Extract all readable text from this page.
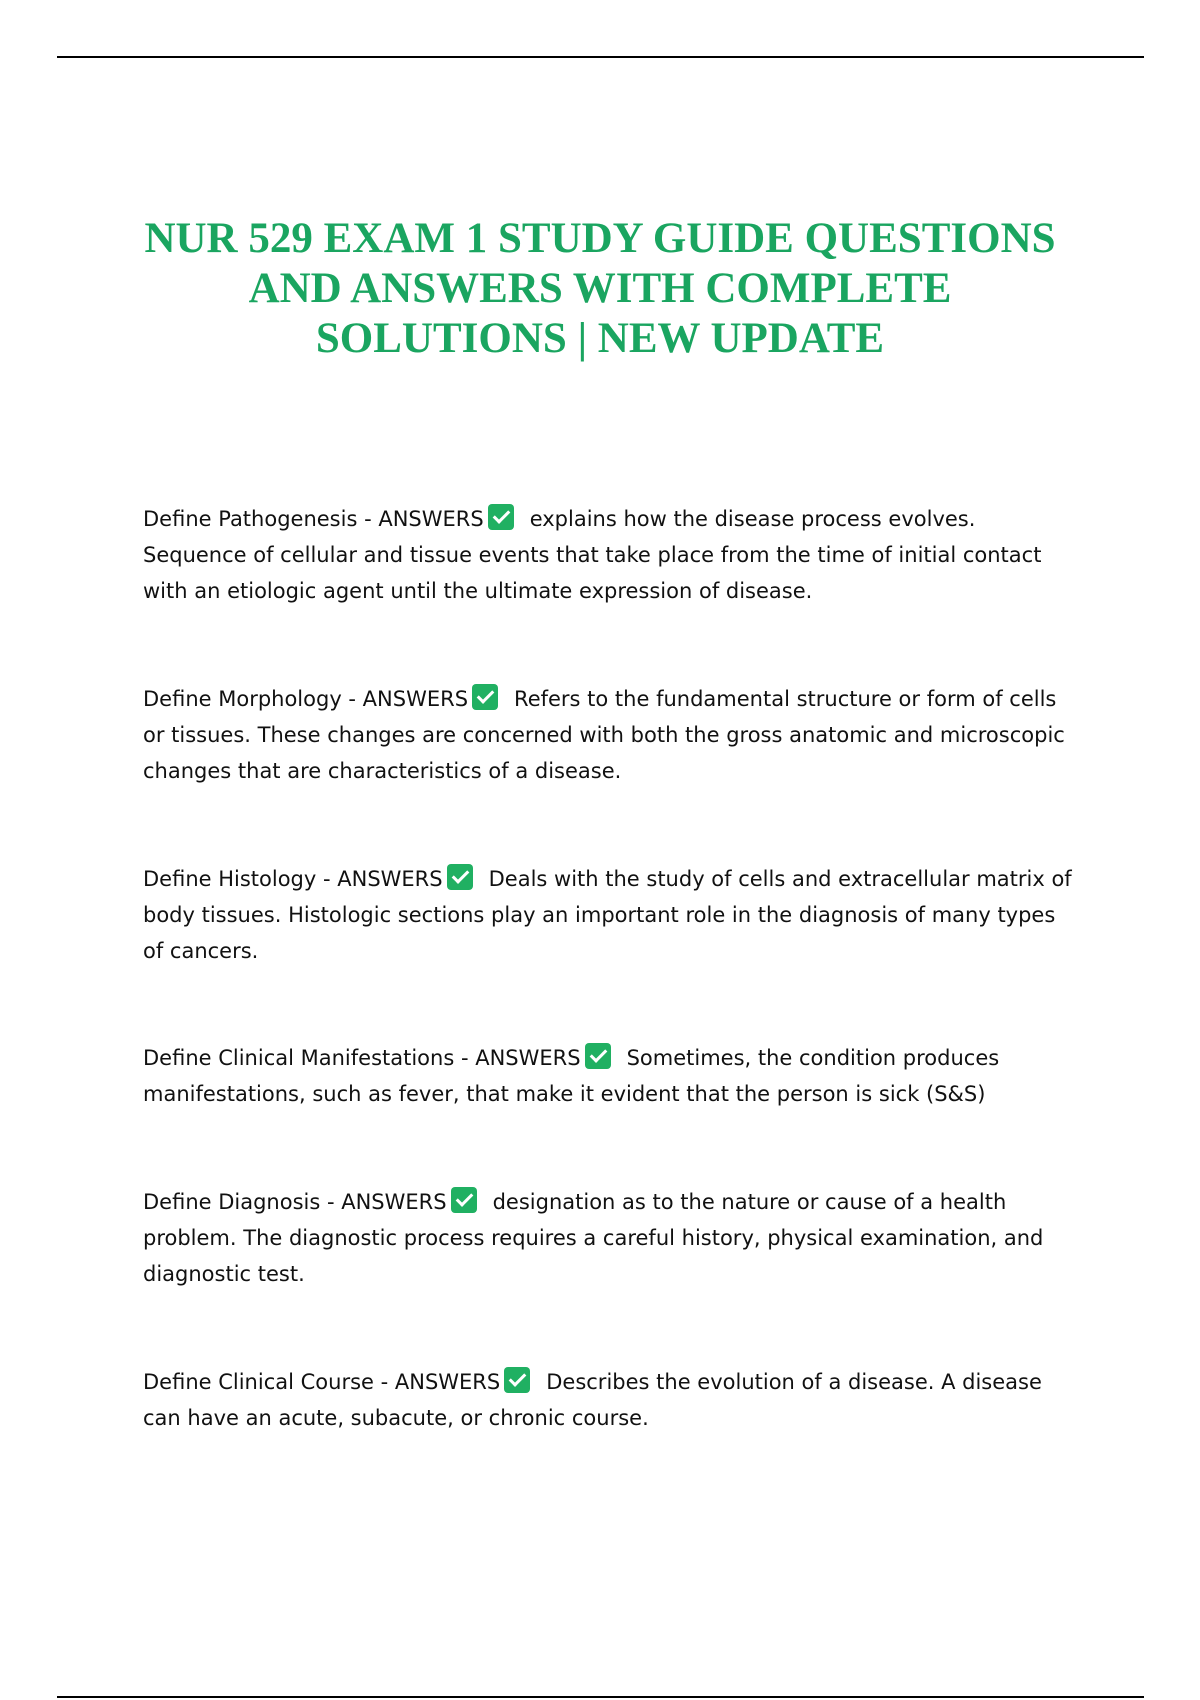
NUR 529 EXAM 1 STUDY GUIDE QUESTIONS
AND ANSWERS WITH COMPLETE
SOLUTIONS | NEW UPDATE

Define Pathogenesis - ANSWERS explains how the disease process evolves. Sequence of cellular and tissue events that take place from the time of initial contact with an etiologic agent until the ultimate expression of disease.

Define Morphology - ANSWERS Refers to the fundamental structure or form of cells or tissues. These changes are concerned with both the gross anatomic and microscopic changes that are characteristics of a disease.

Define Histology - ANSWERS Deals with the study of cells and extracellular matrix of body tissues. Histologic sections play an important role in the diagnosis of many types of cancers.

Define Clinical Manifestations - ANSWERS Sometimes, the condition produces manifestations, such as fever, that make it evident that the person is sick (S&S)

Define Diagnosis - ANSWERS designation as to the nature or cause of a health problem. The diagnostic process requires a careful history, physical examination, and diagnostic test.

Define Clinical Course - ANSWERS Describes the evolution of a disease. A disease can have an acute, subacute, or chronic course.
